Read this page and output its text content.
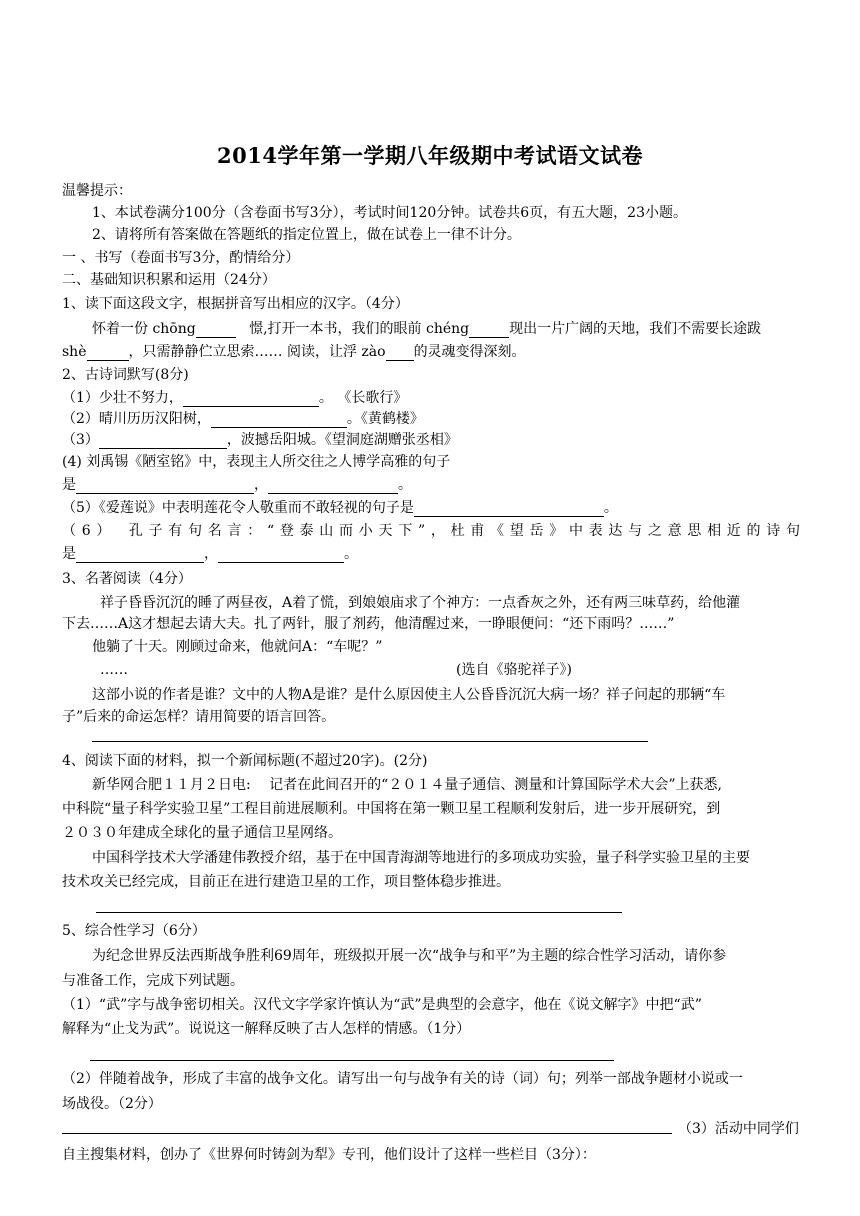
2014学年第一学期八年级期中考试语文试卷
温馨提示：
1、本试卷满分100分（含卷面书写3分），考试时间120分钟。试卷共6页，有五大题，23小题。
2、请将所有答案做在答题纸的指定位置上，做在试卷上一律不计分。
一 、书写（卷面书写3分，酌情给分）
二、基础知识积累和运用（24分）
1、读下面这段文字，根据拼音写出相应的汉字。（4分）
怀着一份 chōng	憬,打开一本书，我们的眼前 chéng	现出一片广阔的天地，我们不需要长途跋
shè	，只需静静伫立思索…… 阅读，让浮 zào 的灵魂变得深刻。
2、古诗词默写(8分)
（1）少壮不努力，	。 《长歌行》
（2）晴川历历汉阳树，	。《黄鹤楼》
（3）	，波撼岳阳城。《望洞庭湖赠张丞相》
(4) 刘禹锡《陋室铭》中，表现主人所交往之人博学高雅的句子
是	，	。
（5）《爱莲说》中表明莲花令人敬重而不敢轻视的句子是	。
（6）　孔子有句名言：“登泰山而小天下”，杜甫《望岳》中表达与之意思相近的诗句
是	，	。
3、名著阅读（4分）
祥子昏昏沉沉的睡了两昼夜，A着了慌，到娘娘庙求了个神方：一点香灰之外，还有两三味草药，给他灌
下去……A这才想起去请大夫。扎了两针，服了剂药，他清醒过来，一睁眼便问：“还下雨吗？……”
他躺了十天。刚顾过命来，他就问A：“车呢？”
……	(选自《骆驼祥子》)
这部小说的作者是谁？文中的人物A是谁？是什么原因使主人公昏昏沉沉大病一场？祥子问起的那辆“车
子”后来的命运怎样？请用简要的语言回答。
4、阅读下面的材料，拟一个新闻标题(不超过20字)。(2分)
新华网合肥１１月２日电:　 记者在此间召开的“２０１４量子通信、测量和计算国际学术大会”上获悉,
中科院“量子科学实验卫星”工程目前进展顺利。中国将在第一颗卫星工程顺利发射后，进一步开展研究，到
２０３０年建成全球化的量子通信卫星网络。
中国科学技术大学潘建伟教授介绍，基于在中国青海湖等地进行的多项成功实验，量子科学实验卫星的主要
技术攻关已经完成，目前正在进行建造卫星的工作，项目整体稳步推进。
5、综合性学习（6分）
为纪念世界反法西斯战争胜利69周年，班级拟开展一次“战争与和平”为主题的综合性学习活动，请你参
与准备工作，完成下列试题。
（1）“武”字与战争密切相关。汉代文字学家许慎认为“武”是典型的会意字，他在《说文解字》中把“武”
解释为“止戈为武”。说说这一解释反映了古人怎样的情感。（1分）
（2）伴随着战争，形成了丰富的战争文化。请写出一句与战争有关的诗（词）句；列举一部战争题材小说或一
场战役。（2分）
（3）活动中同学们
自主搜集材料，创办了《世界何时铸剑为犁》专刊，他们设计了这样一些栏目（3分）：
